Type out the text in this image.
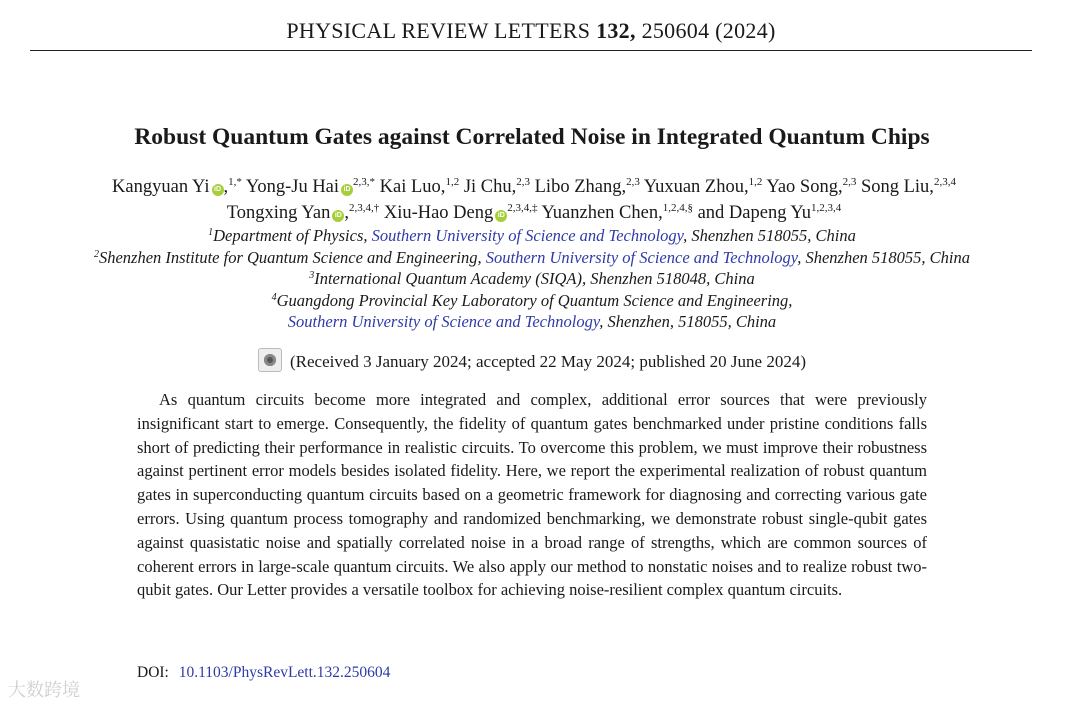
PHYSICAL REVIEW LETTERS 132, 250604 (2024)
Robust Quantum Gates against Correlated Noise in Integrated Quantum Chips
Kangyuan Yi iD ,$^{1,*}$ Yong-Ju Hai $iD^{2,3,*}$ Kai Luo,$^{1,2}$ Ji Chu,$^{2,3}$ Libo Zhang,$^{2,3}$ Yuxuan Zhou,$^{1,2}$ Yao Song,$^{2,3}$ Song Liu,$^{2,3,4}$
Tongxing Yan iD ,$^{2,3,4,\dagger}$ Xiu-Hao Deng $iD^{2,3,4,\ddagger}$ Yuanzhen Chen,$^{1,2,4,\S}$ and Dapeng Yu$^{1,2,3,4}$
$^1$Department of Physics, Southern University of Science and Technology, Shenzhen 518055, China
$^2$Shenzhen Institute for Quantum Science and Engineering, Southern University of Science and Technology, Shenzhen 518055, China
$^3$International Quantum Academy (SIQA), Shenzhen 518048, China
$^4$Guangdong Provincial Key Laboratory of Quantum Science and Engineering,
Southern University of Science and Technology, Shenzhen, 518055, China
(Received 3 January 2024; accepted 22 May 2024; published 20 June 2024)
As quantum circuits become more integrated and complex, additional error sources that were previously insignificant start to emerge. Consequently, the fidelity of quantum gates benchmarked under pristine conditions falls short of predicting their performance in realistic circuits. To overcome this problem, we must improve their robustness against pertinent error models besides isolated fidelity. Here, we report the experimental realization of robust quantum gates in superconducting quantum circuits based on a geometric framework for diagnosing and correcting various gate errors. Using quantum process tomography and randomized benchmarking, we demonstrate robust single-qubit gates against quasistatic noise and spatially correlated noise in a broad range of strengths, which are common sources of coherent errors in large-scale quantum circuits. We also apply our method to nonstatic noises and to realize robust two-qubit gates. Our Letter provides a versatile toolbox for achieving noise-resilient complex quantum circuits.
DOI: 10.1103/PhysRevLett.132.250604
大数跨境
